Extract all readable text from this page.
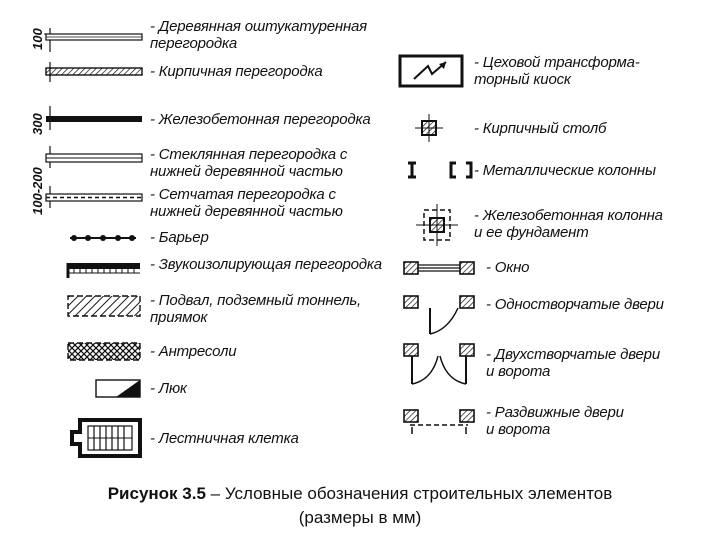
100
300
100-200
- Деревянная оштукатуренная
перегородка
- Кирпичная перегородка
- Железобетонная перегородка
- Стеклянная перегородка с
нижней деревянной частью
- Сетчатая перегородка с
нижней деревянной частью
- Барьер
- Звукоизолирующая перегородка
- Подвал, подземный тоннель,
приямок
- Антресоли
- Люк
- Лестничная клетка
- Цеховой трансформа-
торный киоск
- Кирпичный столб
- Металлические колонны
- Железобетонная колонна
и ее фундамент
- Окно
- Одностворчатые двери
- Двухстворчатые двери
и ворота
- Раздвижные двери
и ворота
Рисунок 3.5 – Условные обозначения строительных элементов
(размеры в мм)
